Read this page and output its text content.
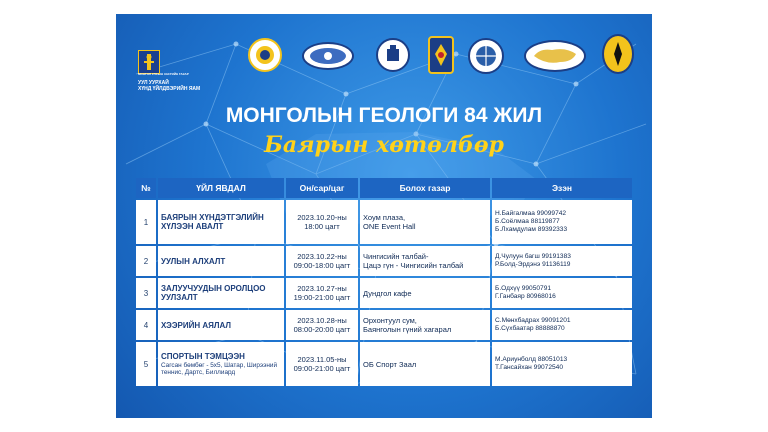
МОНГОЛ УЛСЫН ЗАСГИЙН ГАЗАР
УУЛ УУРХАЙ
ХҮНД ҮЙЛДВЭРИЙН ЯАМ
МОНГОЛЫН ГЕОЛОГИ 84 ЖИЛ
Баярын хөтөлбөр
№	ҮЙЛ ЯВДАЛ	Он/сар/цаг	Болох газар	Эзэн
1	БАЯРЫН ХҮНДЭТГЭЛИЙН
ХҮЛЭЭН АВАЛТ	2023.10.20-ны
18:00 цагт	Хоум плаза,
ONE Event Hall	Н.Байгалмаа 99099742
Б.Соёлмаа 88119877
Б.Лхамдулам 89392333

2	УУЛЫН АЛХАЛТ	2023.10.22-ны
09:00-18:00 цагт	Чингисийн талбай-
Цацэ гүн - Чингисийн талбай	Д.Чулуун багш 99191383
Р.Болд-Эрдэнэ 91136119

3	ЗАЛУУЧУУДЫН ОРОЛЦОО
УУЛЗАЛТ	2023.10.27-ны
19:00-21:00 цагт	Дундгол кафе	Б.Одхүү 99050791
Г.Ганбаяр 80968016

4	ХЭЭРИЙН АЯЛАЛ	2023.10.28-ны
08:00-20:00 цагт	Орхонтуул сум,
Баянголын гүний хагарал	С.Мөнхбадрах 99091201
Б.Сүхбаатар 88888870

5	СПОРТЫН ТЭМЦЭЭН
Сагсан бөмбөг - 5x5, Шатар, Ширээний теннис, Дартс, Биллиард	2023.11.05-ны
09:00-21:00 цагт	ОБ Спорт Заал	М.Ариунболд 88051013
Т.Гансайхан 99072540
